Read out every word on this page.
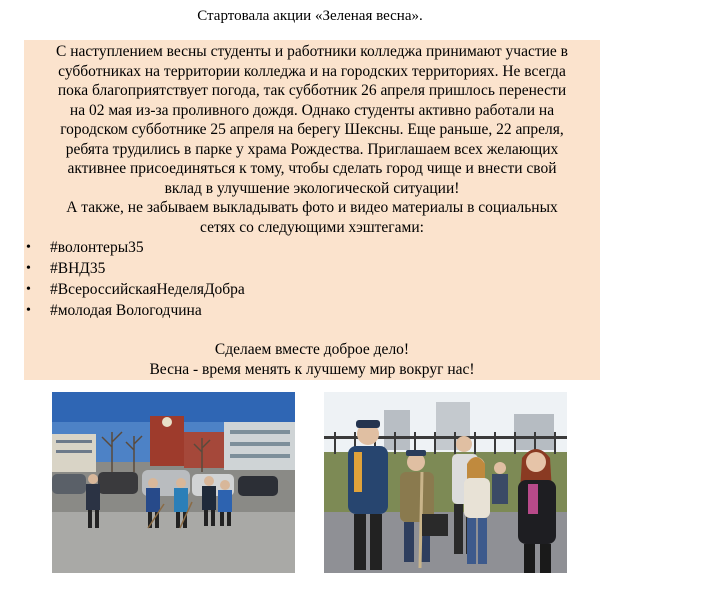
Стартовала акции «Зеленая весна».
С наступлением весны студенты и работники колледжа принимают участие в
субботниках на территории колледжа и на городских территориях. Не всегда
пока благоприятствует погода, так субботник 26 апреля пришлось перенести
на 02 мая из-за проливного дождя. Однако студенты активно работали на
городском субботнике 25 апреля на берегу Шексны. Еще раньше, 22 апреля,
ребята трудились в парке у храма Рождества. Приглашаем всех желающих
активнее присоединяться к тому, чтобы сделать город чище и внести свой
вклад в улучшение экологической ситуации!
А также, не забываем выкладывать фото и видео материалы в социальных
сетях со следующими хэштегами:
•	#волонтеры35
•	#ВНД35
•	#ВсероссийскаяНеделяДобра
•	#молодая Вологодчина
Сделаем вместе доброе дело!
Весна - время менять к лучшему мир вокруг нас!
